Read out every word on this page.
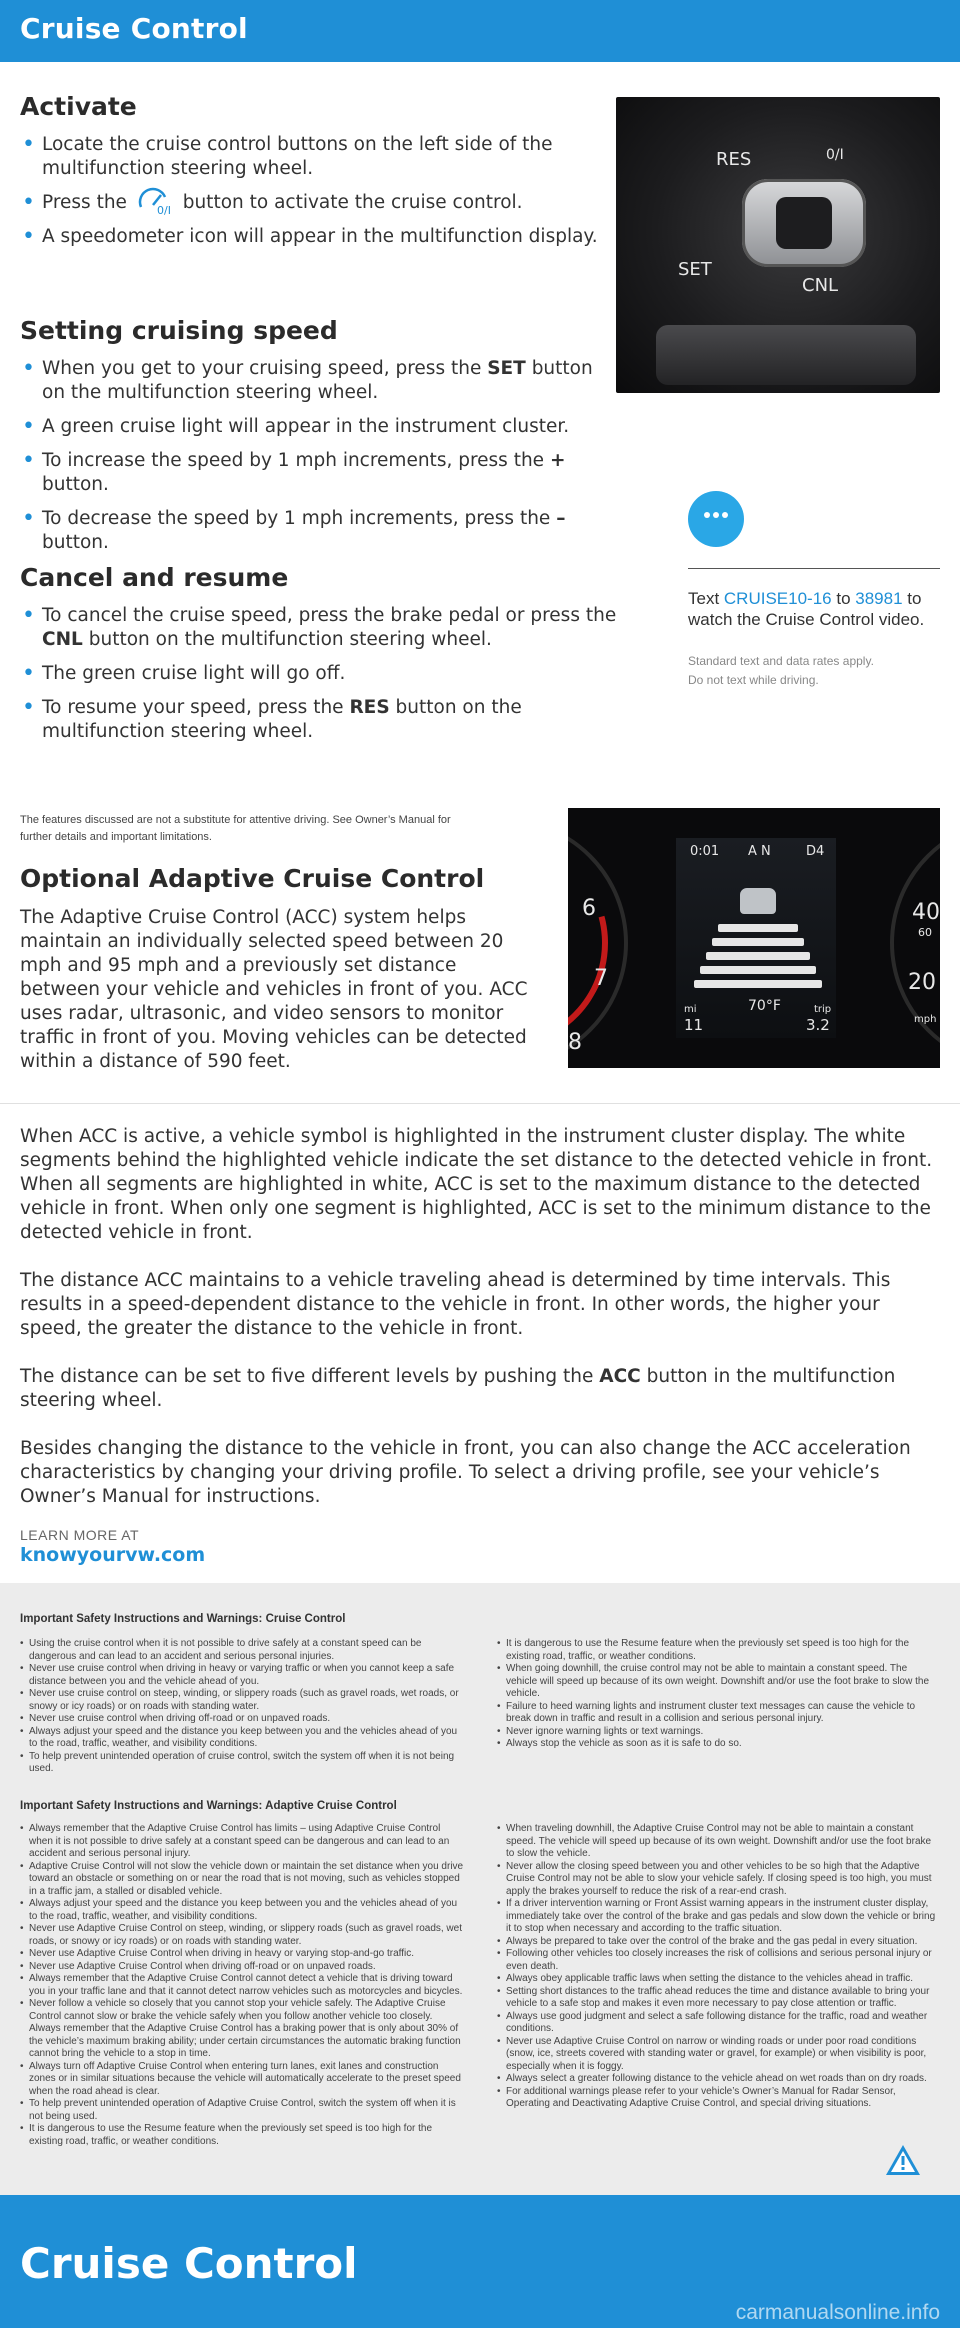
Cruise Control
Activate
• Locate the cruise control buttons on the left side of the multifunction steering wheel.
• Press the	0/I button to activate the cruise control.
• A speedometer icon will appear in the multifunction display.
RES
SET
CNL
0/I
Setting cruising speed
• When you get to your cruising speed, press the SET button on the multifunction steering wheel.
• A green cruise light will appear in the instrument cluster.
• To increase the speed by 1 mph increments, press the + button.
• To decrease the speed by 1 mph increments, press the – button.
Text CRUISE10-16 to 38981 to watch the Cruise Control video.
Standard text and data rates apply.
Do not text while driving.
Cancel and resume
• To cancel the cruise speed, press the brake pedal or press the CNL button on the multifunction steering wheel.
• The green cruise light will go off.
• To resume your speed, press the RES button on the multifunction steering wheel.
The features discussed are not a substitute for attentive driving. See Owner’s Manual for further details and important limitations.
Optional Adaptive Cruise Control
The Adaptive Cruise Control (ACC) system helps maintain an individually selected speed between 20 mph and 95 mph and a previously set distance between your vehicle and vehicles in front of you. ACC uses radar, ultrasonic, and video sensors to monitor traffic in front of you. Moving vehicles can be detected within a distance of 590 feet.
0:01 A N	D4
70°F
mi
11
trip
3.2
6
7
8
40
60
20
mph
When ACC is active, a vehicle symbol is highlighted in the instrument cluster display. The white segments behind the highlighted vehicle indicate the set distance to the detected vehicle in front. When all segments are highlighted in white, ACC is set to the maximum distance to the detected vehicle in front. When only one segment is highlighted, ACC is set to the minimum distance to the detected vehicle in front.
The distance ACC maintains to a vehicle traveling ahead is determined by time intervals. This results in a speed-dependent distance to the vehicle in front. In other words, the higher your speed, the greater the distance to the vehicle in front.
The distance can be set to five different levels by pushing the ACC button in the multifunction steering wheel.
Besides changing the distance to the vehicle in front, you can also change the ACC acceleration characteristics by changing your driving profile. To select a driving profile, see your vehicle’s Owner’s Manual for instructions.
LEARN MORE AT
knowyourvw.com
Important Safety Instructions and Warnings: Cruise Control
• Using the cruise control when it is not possible to drive safely at a constant speed can be dangerous and can lead to an accident and serious personal injuries.
• Never use cruise control when driving in heavy or varying traffic or when you cannot keep a safe distance between you and the vehicle ahead of you.
• Never use cruise control on steep, winding, or slippery roads (such as gravel roads, wet roads, or snowy or icy roads) or on roads with standing water.
• Never use cruise control when driving off-road or on unpaved roads.
• Always adjust your speed and the distance you keep between you and the vehicles ahead of you to the road, traffic, weather, and visibility conditions.
• To help prevent unintended operation of cruise control, switch the system off when it is not being used.
• It is dangerous to use the Resume feature when the previously set speed is too high for the existing road, traffic, or weather conditions.
• When going downhill, the cruise control may not be able to maintain a constant speed. The vehicle will speed up because of its own weight. Downshift and/or use the foot brake to slow the vehicle.
• Failure to heed warning lights and instrument cluster text messages can cause the vehicle to break down in traffic and result in a collision and serious personal injury.
• Never ignore warning lights or text warnings.
• Always stop the vehicle as soon as it is safe to do so.
Important Safety Instructions and Warnings: Adaptive Cruise Control
• Always remember that the Adaptive Cruise Control has limits – using Adaptive Cruise Control when it is not possible to drive safely at a constant speed can be dangerous and can lead to an accident and serious personal injury.
• Adaptive Cruise Control will not slow the vehicle down or maintain the set distance when you drive toward an obstacle or something on or near the road that is not moving, such as vehicles stopped in a traffic jam, a stalled or disabled vehicle.
• Always adjust your speed and the distance you keep between you and the vehicles ahead of you to the road, traffic, weather, and visibility conditions.
• Never use Adaptive Cruise Control on steep, winding, or slippery roads (such as gravel roads, wet roads, or snowy or icy roads) or on roads with standing water.
• Never use Adaptive Cruise Control when driving in heavy or varying stop-and-go traffic.
• Never use Adaptive Cruise Control when driving off-road or on unpaved roads.
• Always remember that the Adaptive Cruise Control cannot detect a vehicle that is driving toward you in your traffic lane and that it cannot detect narrow vehicles such as motorcycles and bicycles.
• Never follow a vehicle so closely that you cannot stop your vehicle safely. The Adaptive Cruise Control cannot slow or brake the vehicle safely when you follow another vehicle too closely. Always remember that the Adaptive Cruise Control has a braking power that is only about 30% of the vehicle’s maximum braking ability; under certain circumstances the automatic braking function cannot bring the vehicle to a stop in time.
• Always turn off Adaptive Cruise Control when entering turn lanes, exit lanes and construction zones or in similar situations because the vehicle will automatically accelerate to the preset speed when the road ahead is clear.
• To help prevent unintended operation of Adaptive Cruise Control, switch the system off when it is not being used.
• It is dangerous to use the Resume feature when the previously set speed is too high for the existing road, traffic, or weather conditions.
• When traveling downhill, the Adaptive Cruise Control may not be able to maintain a constant speed. The vehicle will speed up because of its own weight. Downshift and/or use the foot brake to slow the vehicle.
• Never allow the closing speed between you and other vehicles to be so high that the Adaptive Cruise Control may not be able to slow your vehicle safely. If closing speed is too high, you must apply the brakes yourself to reduce the risk of a rear-end crash.
• If a driver intervention warning or Front Assist warning appears in the instrument cluster display, immediately take over the control of the brake and gas pedals and slow down the vehicle or bring it to stop when necessary and according to the traffic situation.
• Always be prepared to take over the control of the brake and the gas pedal in every situation.
• Following other vehicles too closely increases the risk of collisions and serious personal injury or even death.
• Always obey applicable traffic laws when setting the distance to the vehicles ahead in traffic.
• Setting short distances to the traffic ahead reduces the time and distance available to bring your vehicle to a safe stop and makes it even more necessary to pay close attention or traffic.
• Always use good judgment and select a safe following distance for the traffic, road and weather conditions.
• Never use Adaptive Cruise Control on narrow or winding roads or under poor road conditions (snow, ice, streets covered with standing water or gravel, for example) or when visibility is poor, especially when it is foggy.
• Always select a greater following distance to the vehicle ahead on wet roads than on dry roads.
• For additional warnings please refer to your vehicle’s Owner’s Manual for Radar Sensor, Operating and Deactivating Adaptive Cruise Control, and special driving situations.
Cruise Control
carmanualsonline.info
